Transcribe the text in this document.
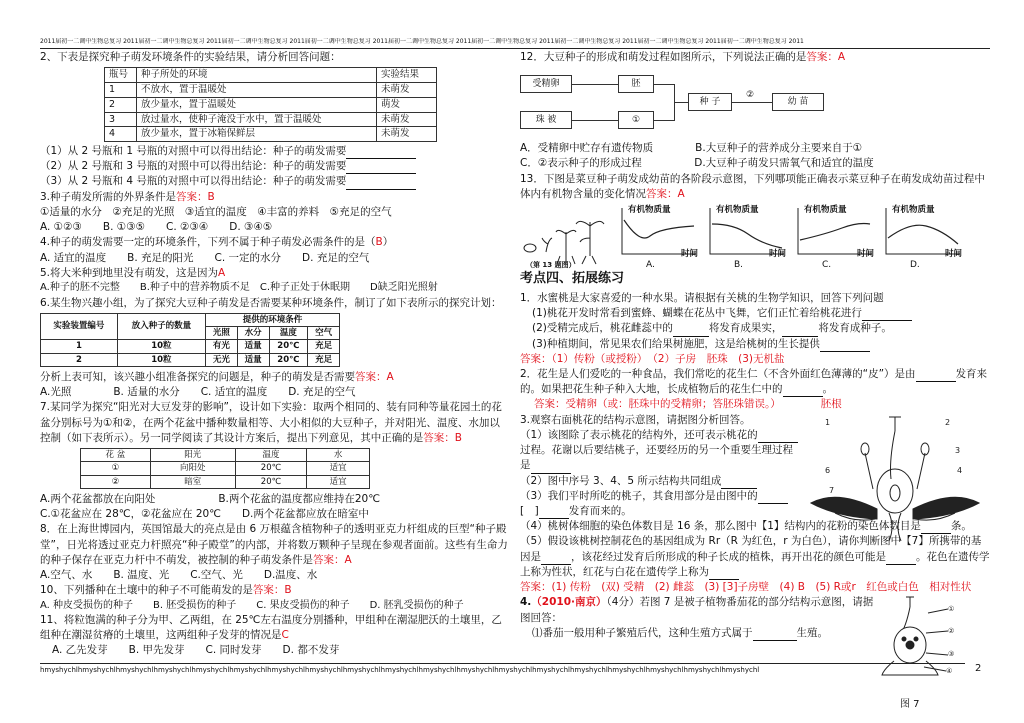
2011届初一二调中生物总复习 2011届初一二调中生物总复习 2011届初一二调中生物总复习 2011届初一二调中生物总复习 2011届初一二调中生物总复习 2011届初一二调中生物总复习 2011届初一二调中生物总复习 2011届初一二调中生物总复习 2011届初一二调中生物总复习 2011

2、下表是探究种子萌发环境条件的实验结果，请分析回答问题：

瓶号	种子所处的环境	实验结果
1	不放水，置于温暖处	未萌发
2	放少量水，置于温暖处	萌发
3	放过量水，使种子淹没于水中，置于温暖处	未萌发
4	放少量水，置于冰箱保鲜层	未萌发

（1）从 2 号瓶和 1 号瓶的对照中可以得出结论：种子的萌发需要

（2）从 2 号瓶和 3 号瓶的对照中可以得出结论：种子的萌发需要

（3）从 2 号瓶和 4 号瓶的对照中可以得出结论：种子的萌发需要

3.种子萌发所需的外界条件是答案：B

①适量的水分　②充足的光照　③适宜的温度　④丰富的养料　⑤充足的空气

A. ①②③　　B. ①③⑤　　C. ②③④　　D. ③④⑤

4.种子的萌发需要一定的环境条件，下列不属于种子萌发必需条件的是（B）

A. 适宜的温度　　B. 充足的阳光　　C. 一定的水分　　D. 充足的空气

5.将大米种到地里没有萌发，这是因为A

A.种子的胚不完整　　B.种子中的营养物质不足　C.种子正处于休眠期　　D缺乏阳光照射

6.某生物兴趣小组，为了探究大豆种子萌发是否需要某种环境条件，制订了如下表所示的探究计划：

实验装置编号	放入种子的数量	提供的环境条件			
		光照	水分	温度	空气
1	10粒	有光	适量	20℃	充足
2	10粒	无光	适量	20℃	充足

分析上表可知，该兴趣小组准备探究的问题是，种子的萌发是否需要答案：A

A.光照　　　　B. 适量的水分　　C. 适宜的温度　　D. 充足的空气

7.某同学为探究“阳光对大豆发芽的影响”，设计如下实验：取两个相同的、装有同种等量花园土的花盆分别标号为①和②，在两个花盆中播种数量相等、大小相似的大豆种子，并对阳光、温度、水加以控制（如下表所示）。另一同学阅读了其设计方案后，提出下列意见，其中正确的是答案：B

花 盆	阳光	温度	水
①	向阳处	20℃	适宜
②	暗室	20℃	适宜

A.两个花盆都放在向阳处　　　　　　B.两个花盆的温度都应维持在20℃

C.①花盆应在 28℃，②花盆应在 20℃　　D.两个花盆都应放在暗室中

8．在上海世博园内，英国馆最大的亮点是由 6 万根蕴含植物种子的透明亚克力杆组成的巨型“种子殿堂”，日光将透过亚克力杆照亮“种子殿堂”的内部，并将数万颗种子呈现在参观者面前。这些有生命力的种子保存在亚克力杆中不萌发，被控制的种子萌发条件是答案：A

A.空气、水　　B. 温度、光　　C.空气、光　　D.温度、水

10、下列播种在土壤中的种子不可能萌发的是答案：B

A. 种皮受损伤的种子　　B. 胚受损伤的种子　　C. 果皮受损伤的种子　　D. 胚乳受损伤的种子

11、将粒饱满的种子分为甲、乙两组，在 25℃左右温度分别播种，甲组种在潮湿肥沃的土壤里，乙组种在潮湿贫瘠的土壤里，这两组种子发芽的情况是C

A. 乙先发芽　　B. 甲先发芽　　C. 同时发芽　　D. 都不发芽

12．大豆种子的形成和萌发过程如图所示，下列说法正确的是答案：A

受精卵	胚
珠 被	①
种 子
②
幼 苗

A．受精卵中贮存有遗传物质　　　　B.大豆种子的营养成分主要来自于①

C．②表示种子的形成过程　　　　　D.大豆种子萌发只需氧气和适宜的温度

13．下图是菜豆种子萌发成幼苗的各阶段示意图，下列哪项能正确表示菜豆种子在萌发成幼苗过程中体内有机物含量的变化情况答案：A

（第 13 题图）
有机物质量
时间
A.
有机物质量
时间
B.
有机物质量
时间
C.
有机物质量
时间
D.

考点四、拓展练习

1．水蜜桃是大家喜爱的一种水果。请根据有关桃的生物学知识，回答下列问题

(1)桃花开发时常看到蜜蜂、蝴蝶在花丛中飞舞，它们正忙着给桃花进行

(2)受精完成后，桃花雌蕊中的	将发育成果实，	将发育成种子。

(3)种植期间，常见果农们给果树施肥，这是给桃树的生长提供

答案：（1）传粉（或授粉）　（2）子房　胚珠　(3)无机盐

2．花生是人们爱吃的一种食品，我们常吃的花生仁（不含外面红色薄薄的“皮”）是由	发育来的。如果把花生种子种入大地，长成植物后的花生仁中的	。

答案：受精卵（或：胚珠中的受精卵；答胚珠错误。）	胚根

3.观察右面桃花的结构示意图，请据图分析回答。

（1）该图除了表示桃花的结构外，还可表示桃花的过程。花谢以后要结桃子，还要经历的另一个重要生理过程是

（2）图中序号 3、4、5 所示结构共同组成

（3）我们平时所吃的桃子，其食用部分是由图中的 [　]	发育而来的。

1	2
3
4
6
7

（4）桃树体细胞的染色体数目是 16 条，那么图中【1】结构内的花粉的染色体数目是	条。

（5）假设该桃树控制花色的基因组成为 Rr（R 为红色，r 为白色），请你判断图中【7】所携带的基因是	，该花经过发育后所形成的种子长成的植株，再开出花的颜色可能是	。花色在遗传学上称为性状，红花与白花在遗传学上称为

答案：(1) 传粉　(双) 受精　(2) 雌蕊　(3) [3]子房壁　(4) B　(5) R或r　红色或白色　相对性状

4.（2010·南京）（4分）若图 7 是被子植物番茄花的部分结构示意图，请据图回答：

⑴番茄一般用种子繁殖后代，这种生殖方式属于	生殖。

①
②
③
④
hmyshychlhmyshychlhmyshychlhmyshychlhmyshychlhmyshychlhmyshychlhmyshychlhmyshychlhmyshychlhmyshychlhmyshychlhmyshychlhmyshychlhmyshychlhmyshychlhmyshychlhmyshychlhmyshychl	2
图 7
